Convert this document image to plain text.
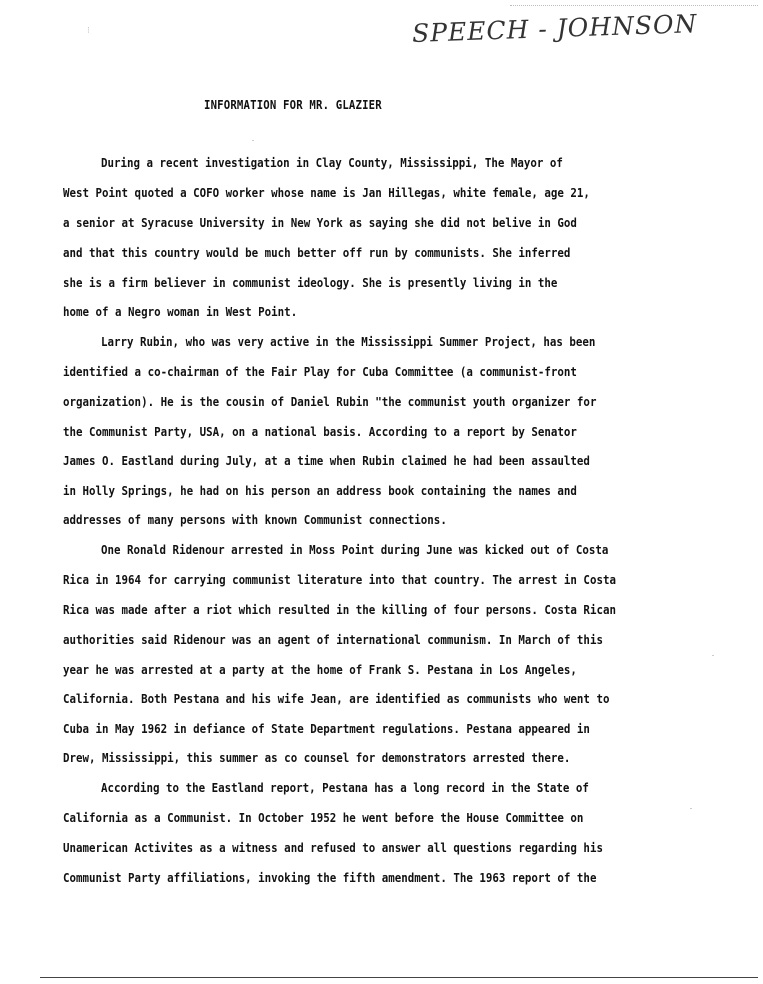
⁝	SPEECH - JOHNSON
INFORMATION FOR MR. GLAZIER
During a recent investigation in Clay County, Mississippi, The Mayor of
West Point quoted a COFO worker whose name is Jan Hillegas, white female, age 21,
a senior at Syracuse University in New York as saying she did not belive in God
and that this country would be much better off run by communists. She inferred
she is a firm believer in communist ideology. She is presently living in the
home of a Negro woman in West Point.
Larry Rubin, who was very active in the Mississippi Summer Project, has been
identified a co-chairman of the Fair Play for Cuba Committee (a communist-front
organization). He is the cousin of Daniel Rubin "the communist youth organizer for
the Communist Party, USA, on a national basis. According to a report by Senator
James O. Eastland during July, at a time when Rubin claimed he had been assaulted
in Holly Springs, he had on his person an address book containing the names and
addresses of many persons with known Communist connections.
One Ronald Ridenour arrested in Moss Point during June was kicked out of Costa
Rica in 1964 for carrying communist literature into that country. The arrest in Costa
Rica was made after a riot which resulted in the killing of four persons. Costa Rican
authorities said Ridenour was an agent of international communism. In March of this
year he was arrested at a party at the home of Frank S. Pestana in Los Angeles,
California. Both Pestana and his wife Jean, are identified as communists who went to
Cuba in May 1962 in defiance of State Department regulations. Pestana appeared in
Drew, Mississippi, this summer as co counsel for demonstrators arrested there.
According to the Eastland report, Pestana has a long record in the State of
California as a Communist. In October 1952 he went before the House Committee on
Unamerican Activites as a witness and refused to answer all questions regarding his
Communist Party affiliations, invoking the fifth amendment. The 1963 report of the
